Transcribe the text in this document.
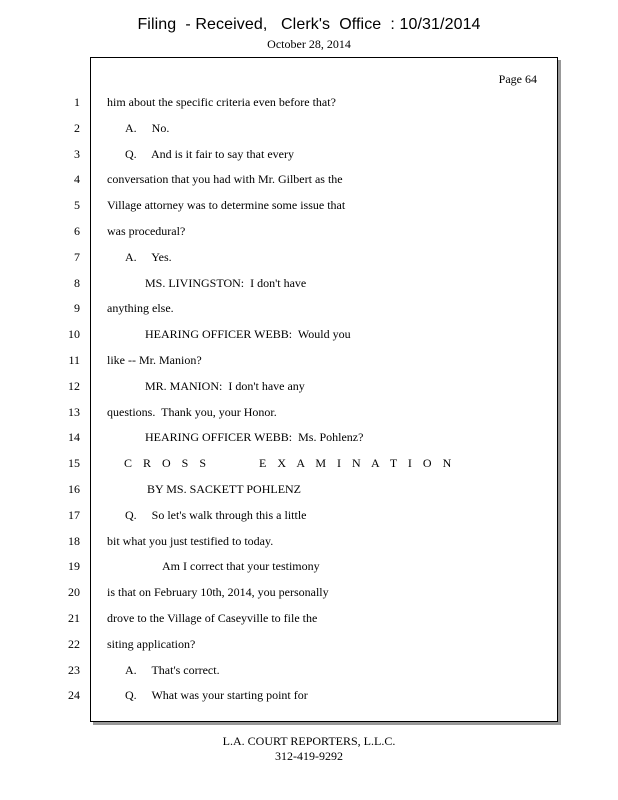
Filing  - Received,   Clerk's  Office  : 10/31/2014
October 28, 2014
Page 64
1
2
3
4
5
6
7
8
9
10
11
12
13
14
15
16
17
18
19
20
21
22
23
24
him about the specific criteria even before that?
A.     No.
Q.     And is it fair to say that every
conversation that you had with Mr. Gilbert as the
Village attorney was to determine some issue that
was procedural?
A.     Yes.
MS. LIVINGSTON:  I don't have
anything else.
HEARING OFFICER WEBB:  Would you
like -- Mr. Manion?
MR. MANION:  I don't have any
questions.  Thank you, your Honor.
HEARING OFFICER WEBB:  Ms. Pohlenz?
C R O S S       E X A M I N A T I O N
BY MS. SACKETT POHLENZ
Q.     So let's walk through this a little
bit what you just testified to today.
Am I correct that your testimony
is that on February 10th, 2014, you personally
drove to the Village of Caseyville to file the
siting application?
A.     That's correct.
Q.     What was your starting point for
L.A. COURT REPORTERS, L.L.C.
312-419-9292
